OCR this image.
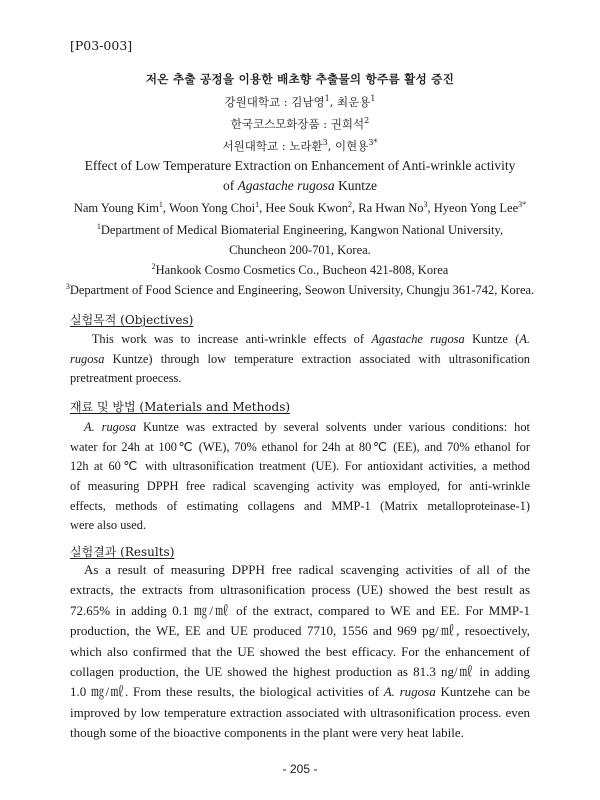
[P03-003]
저온 추출 공정을 이용한 배초향 추출물의 항주름 활성 증진
강원대학교 : 김남영$^1$, 최운용$^1$
한국코스모화장품 : 권희석$^2$
서원대학교 : 노라환$^3$, 이현용$^{3*}$
Effect of Low Temperature Extraction on Enhancement of Anti-wrinkle activity
of Agastache rugosa Kuntze
Nam Young Kim$^1$, Woon Yong Choi$^1$, Hee Souk Kwon$^2$, Ra Hwan No$^3$, Hyeon Yong Lee$^{3*}$
$^1$Department of Medical Biomaterial Engineering, Kangwon National University,
Chuncheon 200-701, Korea.
$^2$Hankook Cosmo Cosmetics Co., Bucheon 421-808, Korea
$^3$Department of Food Science and Engineering, Seowon University, Chungju 361-742, Korea.
실험목적 (Objectives)
This work was to increase anti-wrinkle effects of Agastache rugosa Kuntze (A.
rugosa Kuntze) through low temperature extraction associated with ultrasonification
pretreatment proecess.
재료 및 방법 (Materials and Methods)
A. rugosa Kuntze was extracted by several solvents under various conditions: hot
water for 24h at 100℃ (WE), 70% ethanol for 24h at 80℃ (EE), and 70% ethanol for
12h at 60℃ with ultrasonification treatment (UE). For antioxidant activities, a method
of measuring DPPH free radical scavenging activity was employed, for anti-wrinkle
effects, methods of estimating collagens and MMP-1 (Matrix metalloproteinase-1)
were also used.
실험결과 (Results)
As a result of measuring DPPH free radical scavenging activities of all of the
extracts, the extracts from ultrasonification process (UE) showed the best result as
72.65% in adding 0.1 ㎎/㎖ of the extract, compared to WE and EE. For MMP-1
production, the WE, EE and UE produced 7710, 1556 and 969 pg/㎖, resoectively,
which also confirmed that the UE showed the best efficacy. For the enhancement of
collagen production, the UE showed the highest production as 81.3 ng/㎖ in adding
1.0 ㎎/㎖. From these results, the biological activities of A. rugosa Kuntzehe can be
improved by low temperature extraction associated with ultrasonification process. even
though some of the bioactive components in the plant were very heat labile.
- 205 -
